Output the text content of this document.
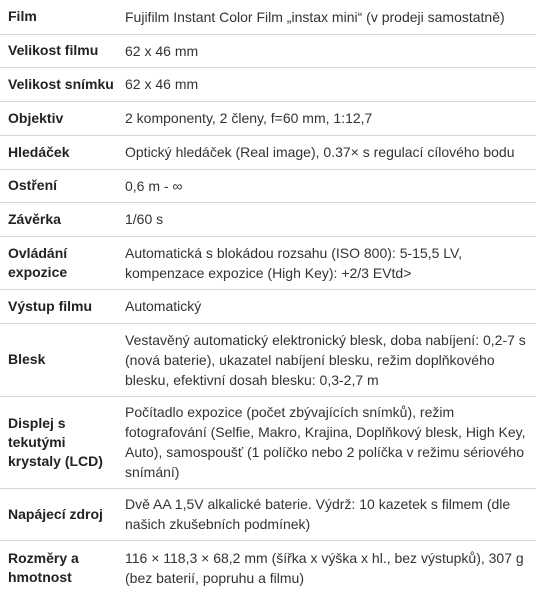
Film	Fujifilm Instant Color Film „instax mini“ (v prodeji samostatně)

Velikost filmu	62 x 46 mm

Velikost snímku	62 x 46 mm

Objektiv	2 komponenty, 2 členy, f=60 mm, 1:12,7

Hledáček	Optický hledáček (Real image), 0.37× s regulací cílového bodu

Ostření	0,6 m - ∞

Závěrka	1/60 s

Ovládání expozice	Automatická s blokádou rozsahu (ISO 800): 5-15,5 LV, kompenzace expozice (High Key): +2/3 EVtd>

Výstup filmu	Automatický

Blesk	Vestavěný automatický elektronický blesk, doba nabíjení: 0,2-7 s (nová baterie), ukazatel nabíjení blesku, režim doplňkového blesku, efektivní dosah blesku: 0,3-2,7 m

Displej s tekutými krystaly (LCD)	Počítadlo expozice (počet zbývajících snímků), režim fotografování (Selfie, Makro, Krajina, Doplňkový blesk, High Key, Auto), samospoušť (1 políčko nebo 2 políčka v režimu sériového snímání)

Napájecí zdroj	Dvě AA 1,5V alkalické baterie. Výdrž: 10 kazetek s filmem (dle našich zkušebních podmínek)

Rozměry a hmotnost	116 × 118,3 × 68,2 mm (šířka x výška x hl., bez výstupků), 307 g (bez baterií, popruhu a filmu)
